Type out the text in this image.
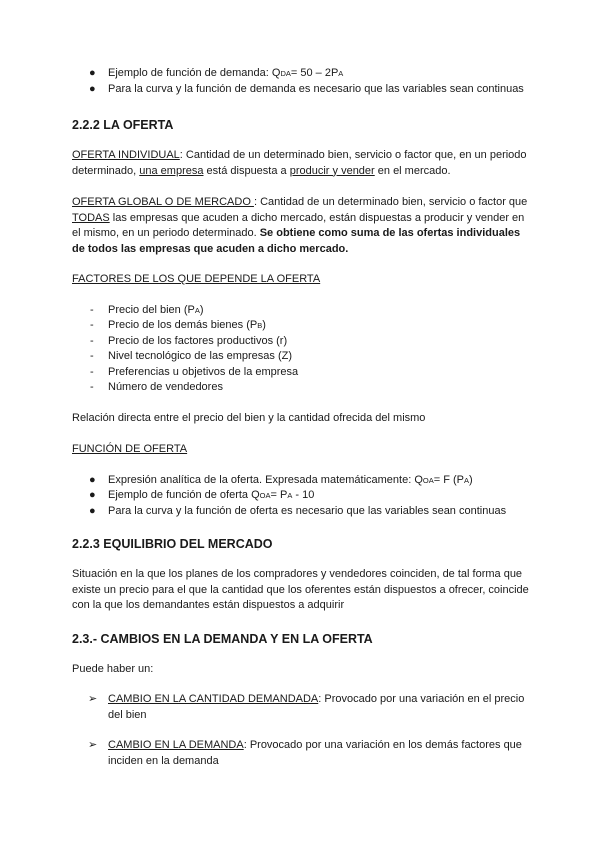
● Ejemplo de función de demanda: QDA= 50 – 2PA
● Para la curva y la función de demanda es necesario que las variables sean continuas
2.2.2 LA OFERTA

OFERTA INDIVIDUAL: Cantidad de un determinado bien, servicio o factor que, en un periodo determinado, una empresa está dispuesta a producir y vender en el mercado.

OFERTA GLOBAL O DE MERCADO : Cantidad de un determinado bien, servicio o factor que TODAS las empresas que acuden a dicho mercado, están dispuestas a producir y vender en el mismo, en un periodo determinado. Se obtiene como suma de las ofertas individuales de todos las empresas que acuden a dicho mercado.

FACTORES DE LOS QUE DEPENDE LA OFERTA

- Precio del bien (PA)
- Precio de los demás bienes (PB)
- Precio de los factores productivos (r)
- Nivel tecnológico de las empresas (Z)
- Preferencias u objetivos de la empresa
- Número de vendedores

Relación directa entre el precio del bien y la cantidad ofrecida del mismo

FUNCIÓN DE OFERTA

● Expresión analítica de la oferta. Expresada matemáticamente: QOA= F (PA)
● Ejemplo de función de oferta QOA= PA - 10
● Para la curva y la función de oferta es necesario que las variables sean continuas
2.2.3 EQUILIBRIO DEL MERCADO

Situación en la que los planes de los compradores y vendedores coinciden, de tal forma que existe un precio para el que la cantidad que los oferentes están dispuestos a ofrecer, coincide con la que los demandantes están dispuestos a adquirir

2.3.- CAMBIOS EN LA DEMANDA Y EN LA OFERTA

Puede haber un:

➢ CAMBIO EN LA CANTIDAD DEMANDADA: Provocado por una variación en el precio del bien
➢ CAMBIO EN LA DEMANDA: Provocado por una variación en los demás factores que inciden en la demanda
